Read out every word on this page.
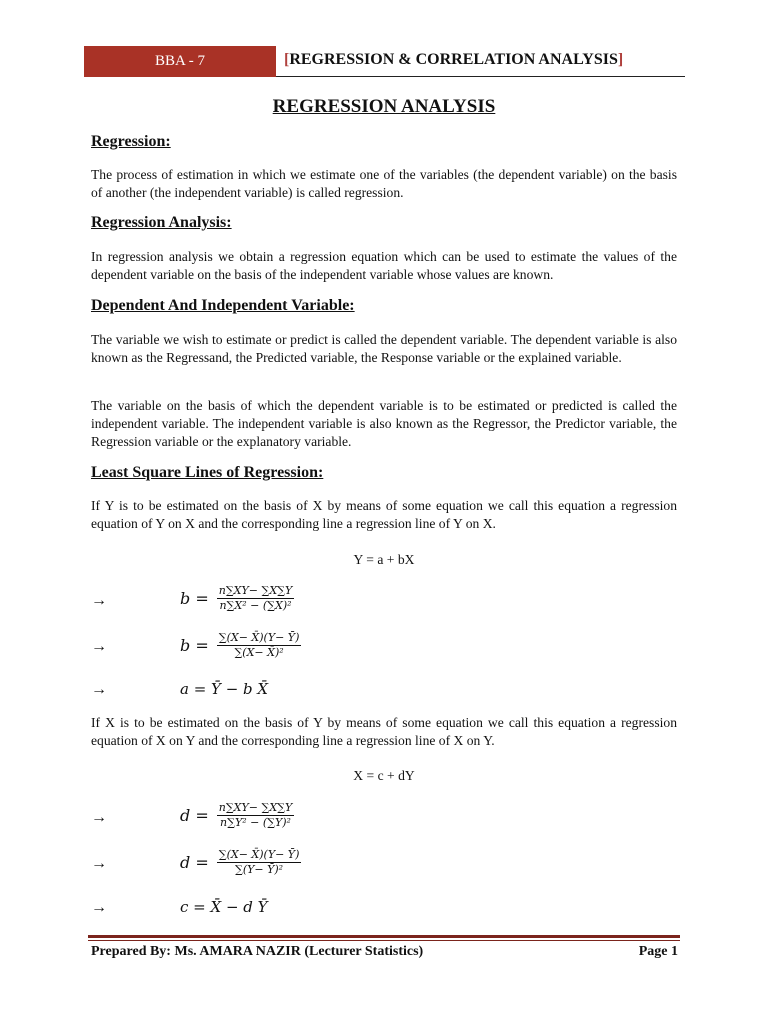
BBA - 7	[REGRESSION & CORRELATION ANALYSIS]
REGRESSION ANALYSIS
Regression:

The process of estimation in which we estimate one of the variables (the dependent variable) on the basis of another (the independent variable) is called regression.

Regression Analysis:

In regression analysis we obtain a regression equation which can be used to estimate the values of the dependent variable on the basis of the independent variable whose values are known.

Dependent And Independent Variable:

The variable we wish to estimate or predict is called the dependent variable. The dependent variable is also known as the Regressand, the Predicted variable, the Response variable or the explained variable.

The variable on the basis of which the dependent variable is to be estimated or predicted is called the independent variable. The independent variable is also known as the Regressor, the Predictor variable, the Regression variable or the explanatory variable.

Least Square Lines of Regression:

If Y is to be estimated on the basis of X by means of some equation we call this equation a regression equation of Y on X and the corresponding line a regression line of Y on X.

Y = a + bX
→	$b = \frac{n\sum XY- \sum X\sum Y}{\text{n∑X² − (∑X)²}}$
→	$b = \frac{\sum(X- X̄)(Y- Ȳ)}{\text{∑(X− X̄)²}}$
→	a = Ȳ − b X̄

If X is to be estimated on the basis of Y by means of some equation we call this equation a regression equation of X on Y and the corresponding line a regression line of X on Y.

X = c + dY
→	$d = \frac{n\sum XY- \sum X\sum Y}{\text{n∑Y² − (∑Y)²}}$
→	$d = \frac{\sum(X- X̄)(Y- Ȳ)}{\text{∑(Y− Ȳ)²}}$
→	c = X̄ − d Ȳ
Prepared By: Ms. AMARA NAZIR (Lecturer Statistics)	Page 1
